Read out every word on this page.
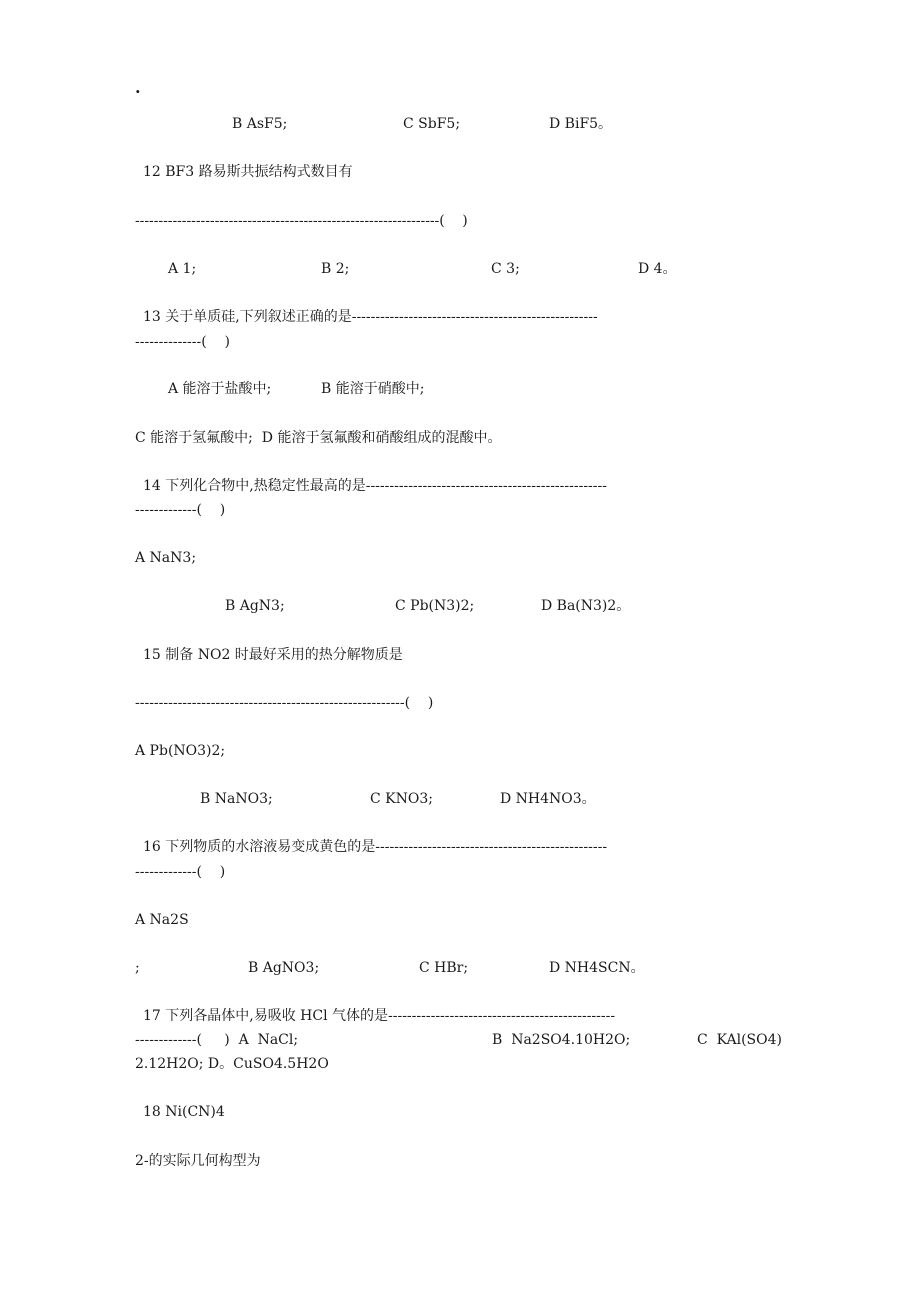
.
B AsF5;	C SbF5;	D BiF5。
12 BF3 路易斯共振结构式数目有
-----------------------------------------------------------------(    )
A 1;	B 2;	C 3;	D 4。
13 关于单质硅,下列叙述正确的是----------------------------------------------------
--------------(    )
A 能溶于盐酸中;	B 能溶于硝酸中;
C 能溶于氢氟酸中;  D 能溶于氢氟酸和硝酸组成的混酸中。
14 下列化合物中,热稳定性最高的是---------------------------------------------------
-------------(    )
A NaN3;
B AgN3;	C Pb(N3)2;	D Ba(N3)2。
15 制备 NO2 时最好采用的热分解物质是
---------------------------------------------------------(    )
A Pb(NO3)2;
B NaNO3;	C KNO3;	D NH4NO3。
16 下列物质的水溶液易变成黄色的是-------------------------------------------------
-------------(    )
A Na2S
;	B AgNO3;	C HBr;	D NH4SCN。
17 下列各晶体中,易吸收 HCl 气体的是------------------------------------------------
-------------(     )  A  NaCl;	B  Na2SO4.10H2O;	C  KAl(SO4)
2.12H2O; D。CuSO4.5H2O
18 Ni(CN)4
2-的实际几何构型为
